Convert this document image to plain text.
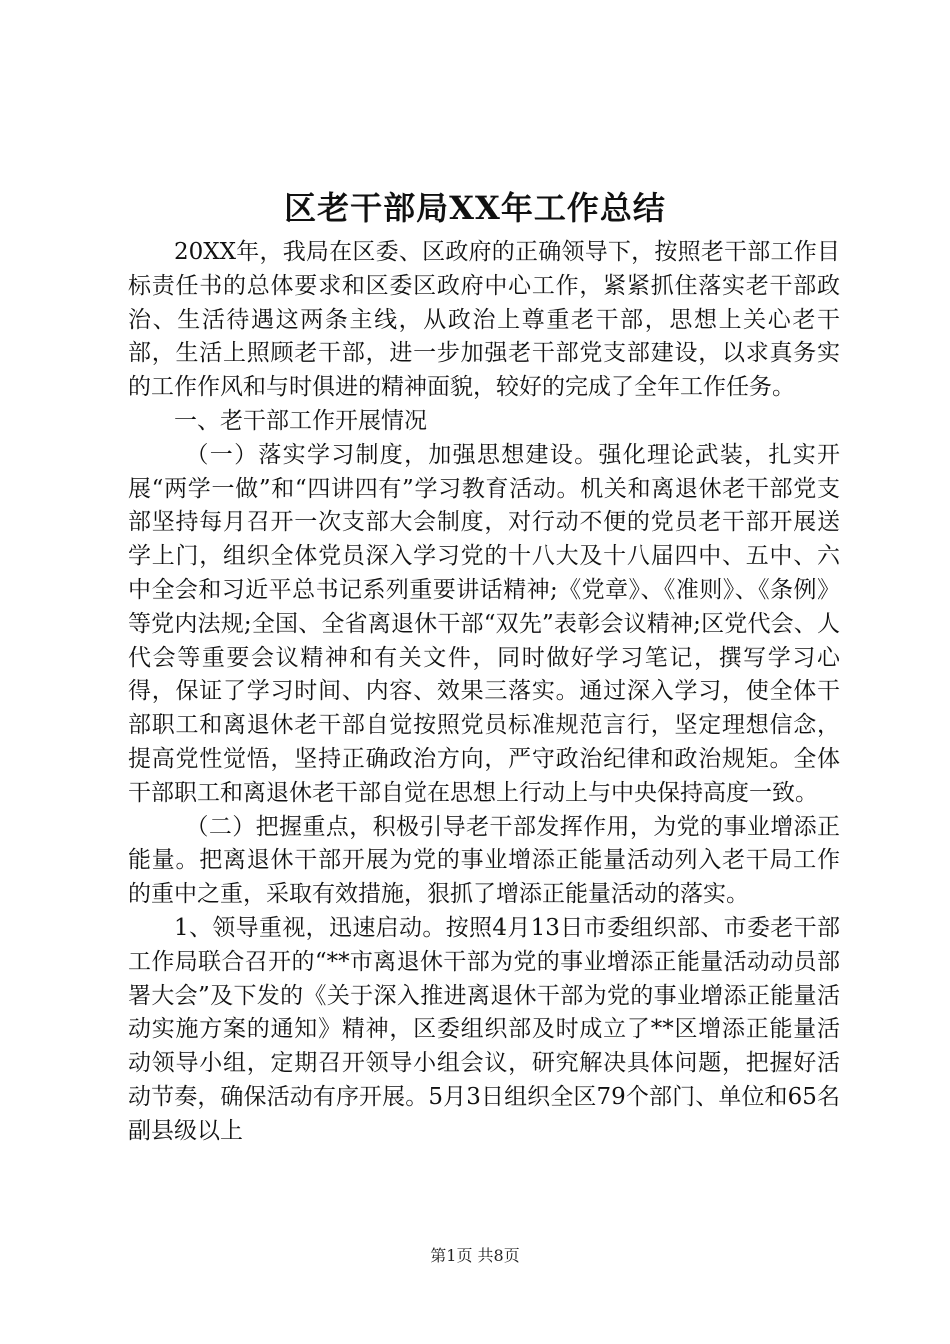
区老干部局XX年工作总结

20XX年，我局在区委、区政府的正确领导下，按照老干部工作目标责任书的总体要求和区委区政府中心工作，紧紧抓住落实老干部政治、生活待遇这两条主线，从政治上尊重老干部，思想上关心老干部，生活上照顾老干部，进一步加强老干部党支部建设，以求真务实的工作作风和与时俱进的精神面貌，较好的完成了全年工作任务。

一、老干部工作开展情况

（一）落实学习制度，加强思想建设。强化理论武装，扎实开展“两学一做”和“四讲四有”学习教育活动。机关和离退休老干部党支部坚持每月召开一次支部大会制度，对行动不便的党员老干部开展送学上门，组织全体党员深入学习党的十八大及十八届四中、五中、六中全会和习近平总书记系列重要讲话精神;《党章》、《准则》、《条例》等党内法规;全国、全省离退休干部“双先”表彰会议精神;区党代会、人代会等重要会议精神和有关文件，同时做好学习笔记，撰写学习心得，保证了学习时间、内容、效果三落实。通过深入学习，使全体干部职工和离退休老干部自觉按照党员标准规范言行，坚定理想信念，提高党性觉悟，坚持正确政治方向，严守政治纪律和政治规矩。全体干部职工和离退休老干部自觉在思想上行动上与中央保持高度一致。

（二）把握重点，积极引导老干部发挥作用，为党的事业增添正能量。把离退休干部开展为党的事业增添正能量活动列入老干局工作的重中之重，采取有效措施，狠抓了增添正能量活动的落实。

1、领导重视，迅速启动。按照4月13日市委组织部、市委老干部工作局联合召开的“**市离退休干部为党的事业增添正能量活动动员部署大会”及下发的《关于深入推进离退休干部为党的事业增添正能量活动实施方案的通知》精神，区委组织部及时成立了**区增添正能量活动领导小组，定期召开领导小组会议，研究解决具体问题，把握好活动节奏，确保活动有序开展。5月3日组织全区79个部门、单位和65名副县级以上

第1页 共8页
